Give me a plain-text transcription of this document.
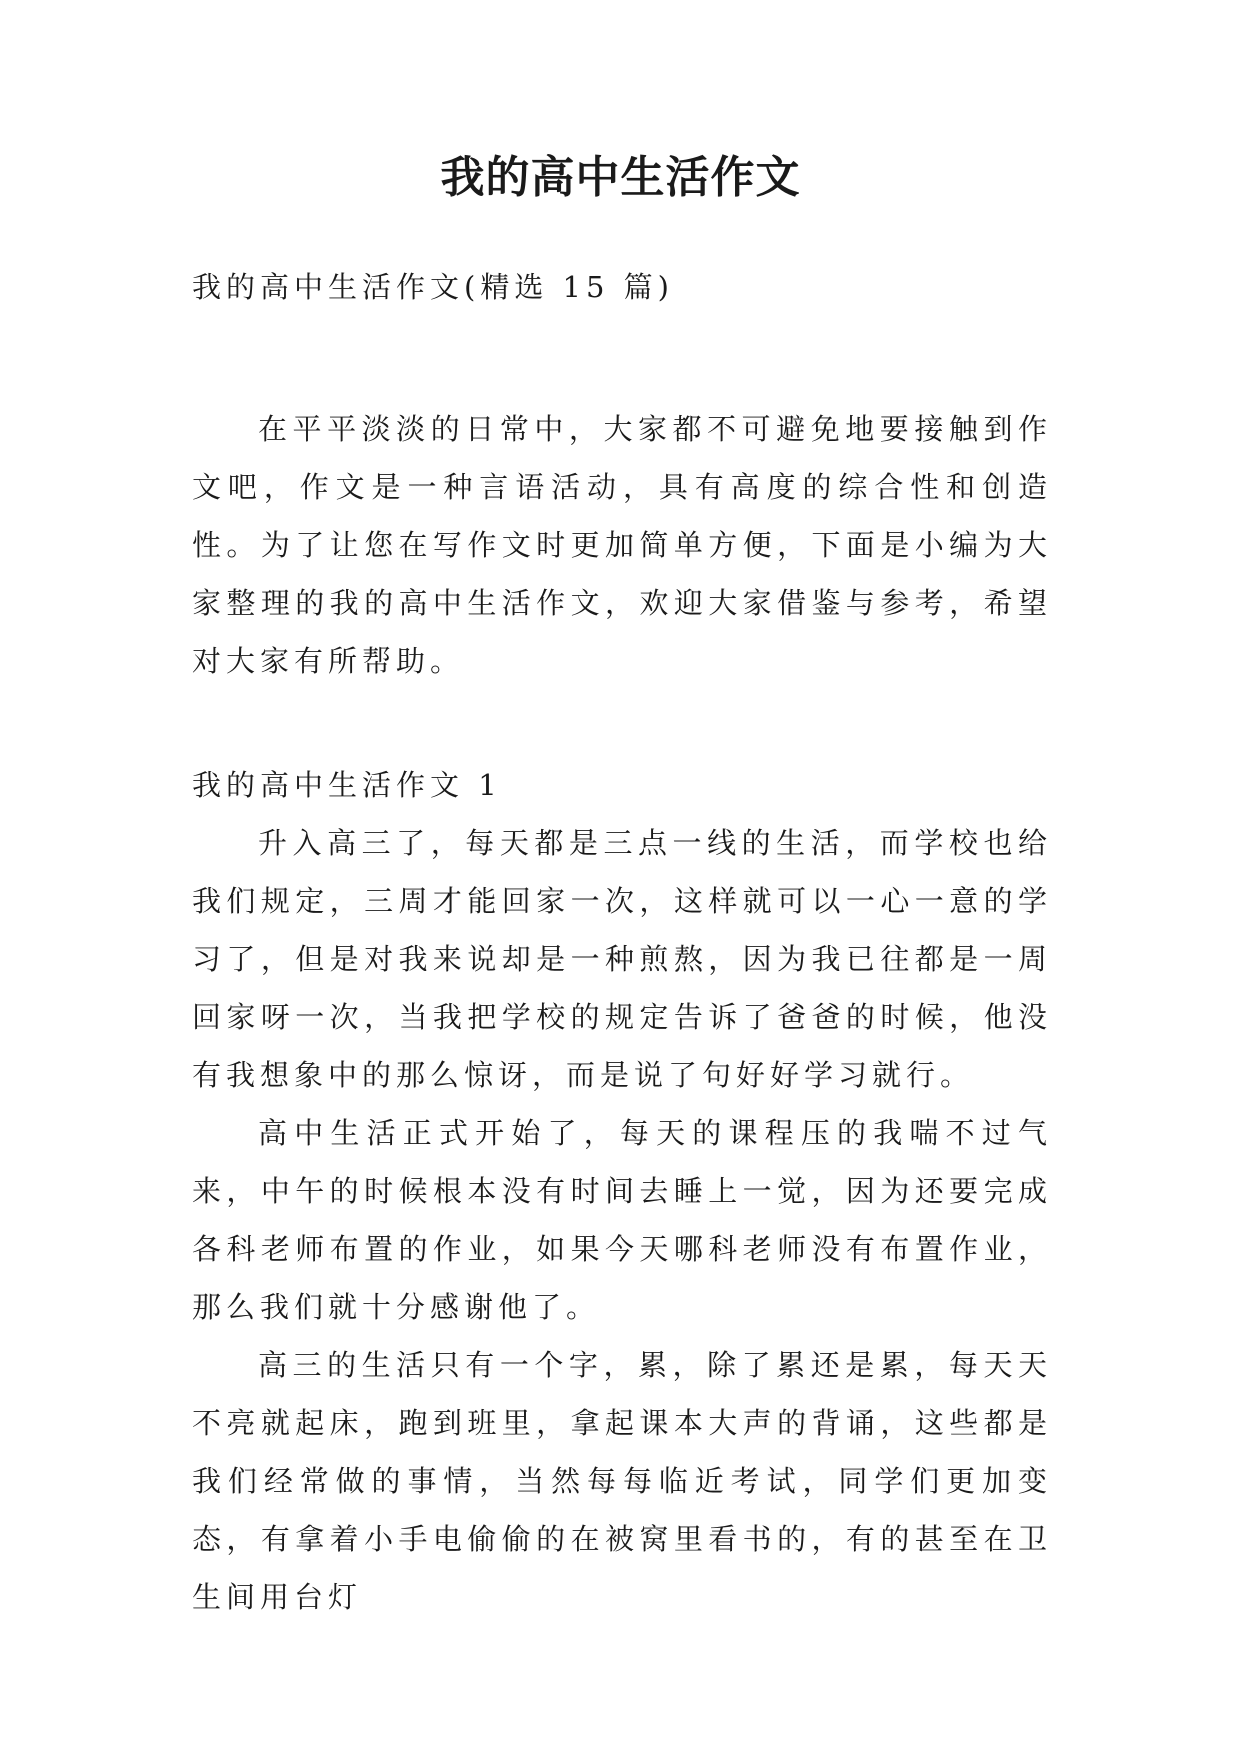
我的高中生活作文

我的高中生活作文(精选 15 篇)

在平平淡淡的日常中，大家都不可避免地要接触到作文吧，作文是一种言语活动，具有高度的综合性和创造性。为了让您在写作文时更加简单方便，下面是小编为大家整理的我的高中生活作文，欢迎大家借鉴与参考，希望对大家有所帮助。

我的高中生活作文 1

升入高三了，每天都是三点一线的生活，而学校也给我们规定，三周才能回家一次，这样就可以一心一意的学习了，但是对我来说却是一种煎熬，因为我已往都是一周回家呀一次，当我把学校的规定告诉了爸爸的时候，他没有我想象中的那么惊讶，而是说了句好好学习就行。

高中生活正式开始了，每天的课程压的我喘不过气来，中午的时候根本没有时间去睡上一觉，因为还要完成各科老师布置的作业，如果今天哪科老师没有布置作业，那么我们就十分感谢他了。

高三的生活只有一个字，累，除了累还是累，每天天不亮就起床，跑到班里，拿起课本大声的背诵，这些都是我们经常做的事情，当然每每临近考试，同学们更加变态，有拿着小手电偷偷的在被窝里看书的，有的甚至在卫生间用台灯
